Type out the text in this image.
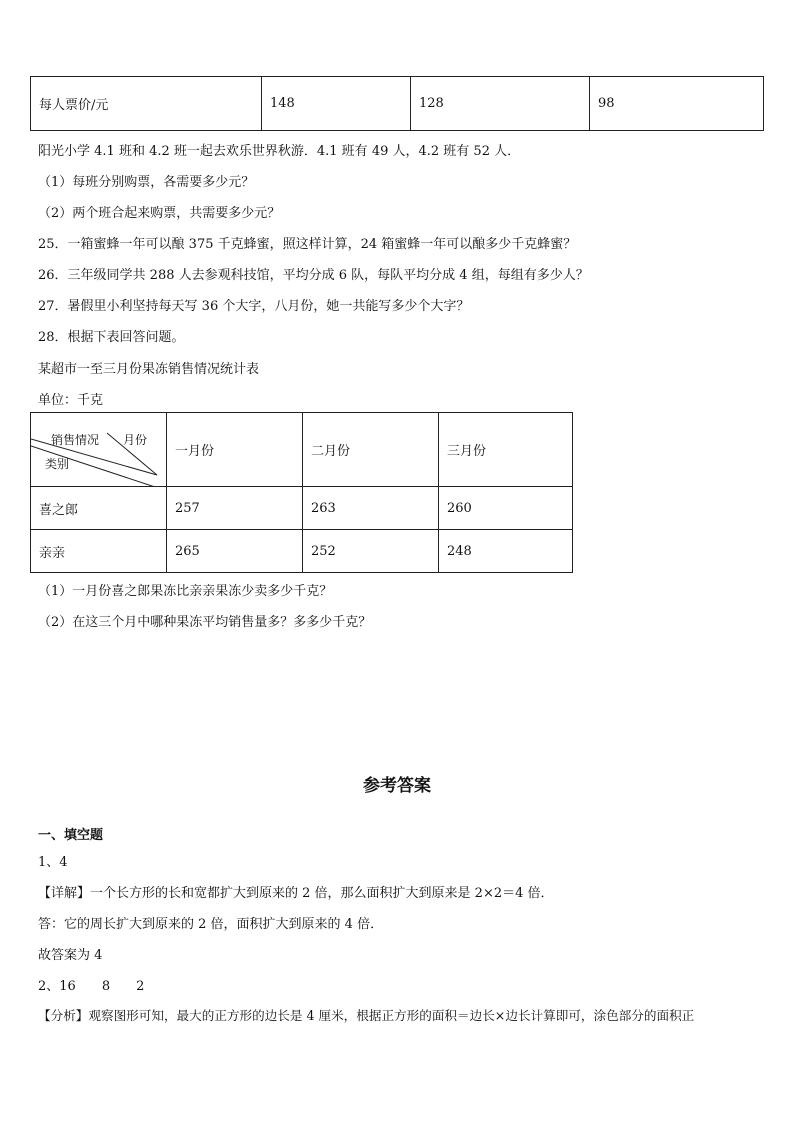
每人票价/元	148	128	98
阳光小学 4.1 班和 4.2 班一起去欢乐世界秋游．4.1 班有 49 人，4.2 班有 52 人．
（1）每班分别购票，各需要多少元？
（2）两个班合起来购票，共需要多少元？
25．一箱蜜蜂一年可以酿 375 千克蜂蜜，照这样计算，24 箱蜜蜂一年可以酿多少千克蜂蜜？
26．三年级同学共 288 人去参观科技馆，平均分成 6 队，每队平均分成 4 组，每组有多少人？
27．暑假里小利坚持每天写 36 个大字，八月份，她一共能写多少个大字？
28．根据下表回答问题。
某超市一至三月份果冻销售情况统计表
单位：千克
销售情况 月份
类别	一月份	二月份	三月份
喜之郎	257	263	260
亲亲	265	252	248
（1）一月份喜之郎果冻比亲亲果冻少卖多少千克？
（2）在这三个月中哪种果冻平均销售量多？多多少千克？
参考答案
一、填空题
1、4
【详解】一个长方形的长和宽都扩大到原来的 2 倍，那么面积扩大到原来是 2×2＝4 倍．
答：它的周长扩大到原来的 2 倍，面积扩大到原来的 4 倍．
故答案为 4
2、16　　8　　2
【分析】观察图形可知，最大的正方形的边长是 4 厘米，根据正方形的面积＝边长×边长计算即可，涂色部分的面积正
